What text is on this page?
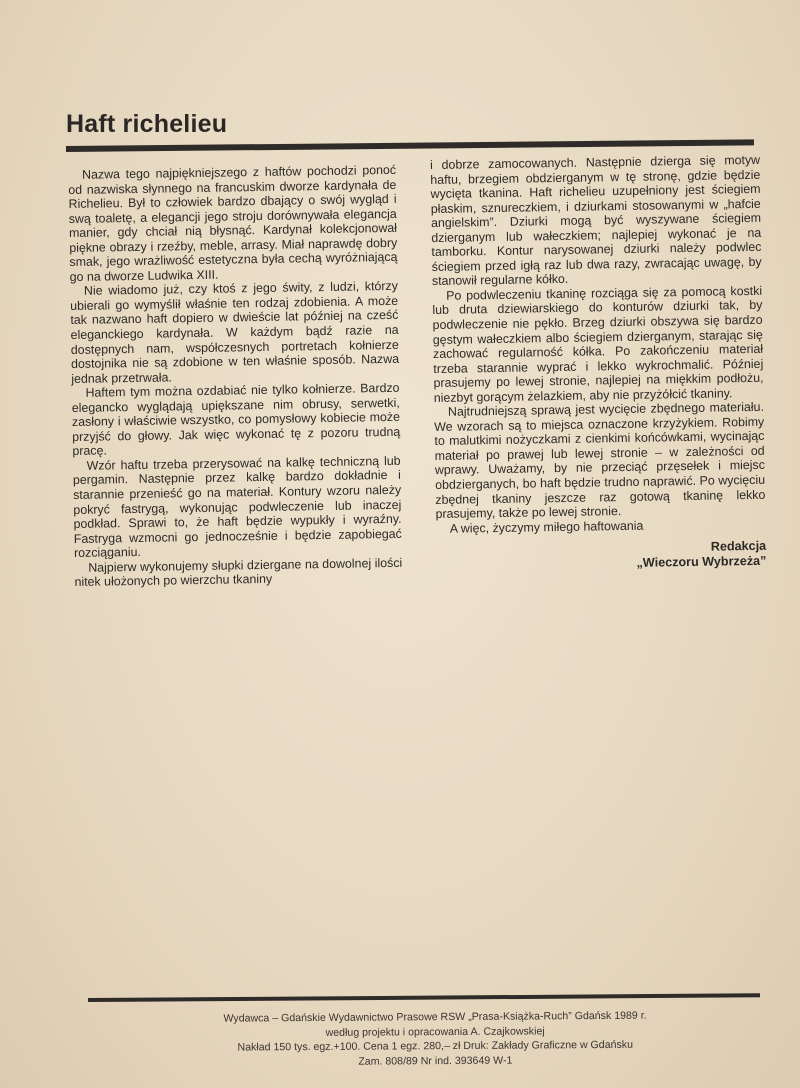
Haft richelieu

Nazwa tego najpiękniejszego z haftów pochodzi ponoć od nazwiska słynnego na francuskim dworze kardynała de Richelieu. Był to człowiek bardzo dbający o swój wygląd i swą toaletę, a elegancji jego stroju dorównywała elegancja manier, gdy chciał nią błysnąć. Kardynał kolekcjonował piękne obrazy i rzeźby, meble, arrasy. Miał naprawdę dobry smak, jego wrażliwość estetyczna była cechą wyróżniającą go na dworze Ludwika XIII.

Nie wiadomo już, czy ktoś z jego świty, z ludzi, którzy ubierali go wymyślił właśnie ten rodzaj zdobienia. A może tak nazwano haft dopiero w dwieście lat później na cześć eleganckiego kardynała. W każdym bądź razie na dostępnych nam, współczesnych portretach kołnierze dostojnika nie są zdobione w ten właśnie sposób. Nazwa jednak przetrwała.

Haftem tym można ozdabiać nie tylko kołnierze. Bardzo elegancko wyglądają upiększane nim obrusy, serwetki, zasłony i właściwie wszystko, co pomysłowy kobiecie może przyjść do głowy. Jak więc wykonać tę z pozoru trudną pracę.

Wzór haftu trzeba przerysować na kalkę techniczną lub pergamin. Następnie przez kalkę bardzo dokładnie i starannie przenieść go na materiał. Kontury wzoru należy pokryć fastrygą, wykonując podwleczenie lub inaczej podkład. Sprawi to, że haft będzie wypukły i wyraźny. Fastryga wzmocni go jednocześnie i będzie zapobiegać rozciąganiu.

Najpierw wykonujemy słupki dziergane na dowolnej ilości nitek ułożonych po wierzchu tkaniny

i dobrze zamocowanych. Następnie dzierga się motyw haftu, brzegiem obdzierganym w tę stronę, gdzie będzie wycięta tkanina. Haft richelieu uzupełniony jest ściegiem płaskim, sznureczkiem, i dziurkami stosowanymi w „hafcie angielskim”. Dziurki mogą być wyszywane ściegiem dzierganym lub wałeczkiem; najlepiej wykonać je na tamborku. Kontur narysowanej dziurki należy podwlec ściegiem przed igłą raz lub dwa razy, zwracając uwagę, by stanowił regularne kółko.

Po podwleczeniu tkaninę rozciąga się za pomocą kostki lub druta dziewiarskiego do konturów dziurki tak, by podwleczenie nie pękło. Brzeg dziurki obszywa się bardzo gęstym wałeczkiem albo ściegiem dzierganym, starając się zachować regularność kółka. Po zakończeniu materiał trzeba starannie wyprać i lekko wykrochmalić. Później prasujemy po lewej stronie, najlepiej na miękkim podłożu, niezbyt gorącym żelazkiem, aby nie przyżółcić tkaniny.

Najtrudniejszą sprawą jest wycięcie zbędnego materiału. We wzorach są to miejsca oznaczone krzyżykiem. Robimy to malutkimi nożyczkami z cienkimi końcówkami, wycinając materiał po prawej lub lewej stronie – w zależności od wprawy. Uważamy, by nie przeciąć przęsełek i miejsc obdzierganych, bo haft będzie trudno naprawić. Po wycięciu zbędnej tkaniny jeszcze raz gotową tkaninę lekko prasujemy, także po lewej stronie.

A więc, życzymy miłego haftowania

Redakcja
„Wieczoru Wybrzeża”
Wydawca – Gdańskie Wydawnictwo Prasowe RSW „Prasa-Książka-Ruch” Gdańsk 1989 r.
według projektu i opracowania A. Czajkowskiej
Nakład 150 tys. egz.+100. Cena 1 egz. 280,– zł Druk: Zakłady Graficzne w Gdańsku
Zam. 808/89 Nr ind. 393649 W-1
